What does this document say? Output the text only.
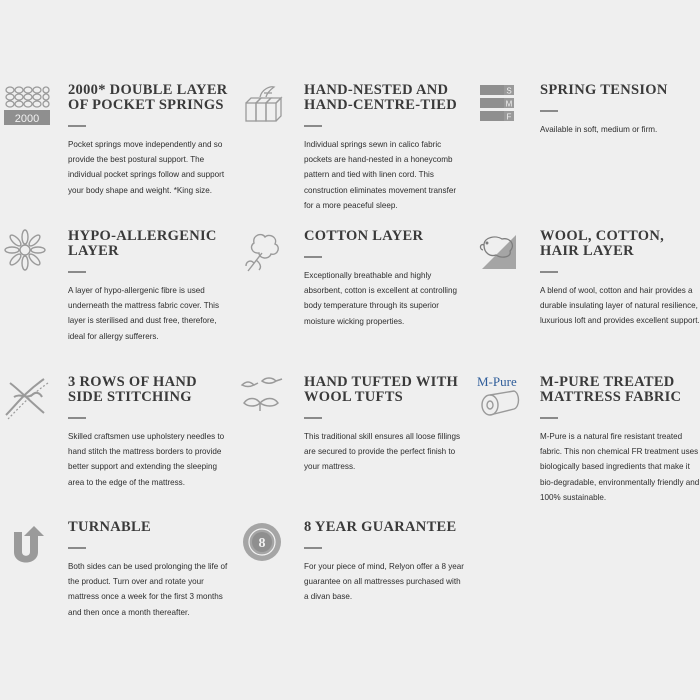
2000
2000* DOUBLE LAYER
OF POCKET SPRINGS

Pocket springs move independently and so provide the best postural support. The individual pocket springs follow and support your body shape and weight. *King size.

HAND-NESTED AND
HAND-CENTRE-TIED

Individual springs sewn in calico fabric pockets are hand-nested in a honeycomb pattern and tied with linen cord. This construction eliminates movement transfer for a more peaceful sleep.

S
M
F
SPRING TENSION

Available in soft, medium or firm.

HYPO-ALLERGENIC
LAYER

A layer of hypo-allergenic fibre is used underneath the mattress fabric cover. This layer is sterilised and dust free, therefore, ideal for allergy sufferers.

COTTON LAYER

Exceptionally breathable and highly absorbent, cotton is excellent at controlling body temperature through its superior moisture wicking properties.

WOOL, COTTON,
HAIR LAYER

A blend of wool, cotton and hair provides a durable insulating layer of natural resilience, luxurious loft and provides excellent support.

3 ROWS OF HAND
SIDE STITCHING

Skilled craftsmen use upholstery needles to hand stitch the mattress borders to provide better support and extending the sleeping area to the edge of the mattress.

HAND TUFTED WITH
WOOL TUFTS

This traditional skill ensures all loose fillings are secured to provide the perfect finish to your mattress.

M-Pure M-PURE TREATED
MATTRESS FABRIC

M-Pure is a natural fire resistant treated fabric. This non chemical FR treatment uses biologically based ingredients that make it bio-degradable, environmentally friendly and 100% sustainable.

TURNABLE

Both sides can be used prolonging the life of the product. Turn over and rotate your mattress once a week for the first 3 months and then once a month thereafter.

8
8 YEAR GUARANTEE

For your piece of mind, Relyon offer a 8 year guarantee on all mattresses purchased with a divan base.
